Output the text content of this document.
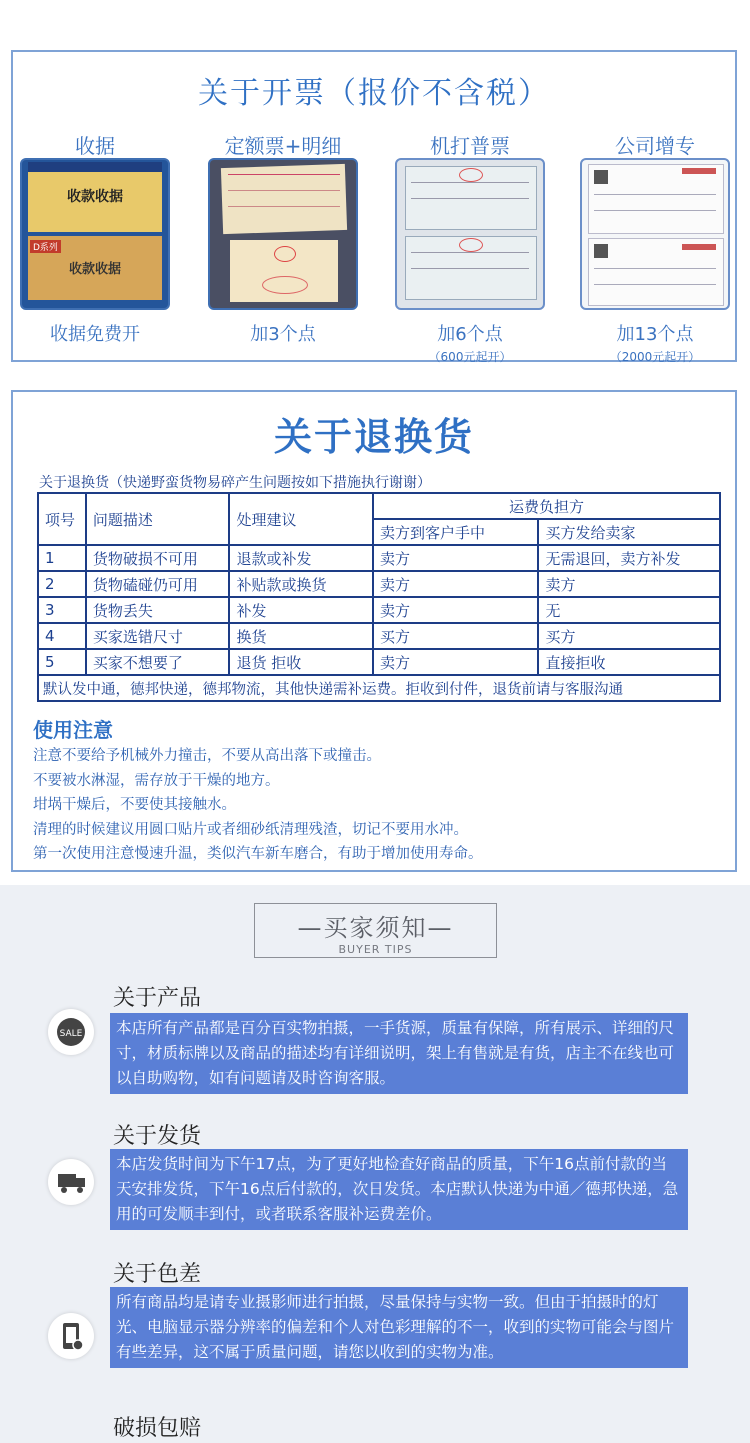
关于开票（报价不含税）
收据
收款收据
D系列
收款收据
收据免费开
定额票+明细
加3个点
机打普票
加6个点
（600元起开）
公司增专
加13个点
（2000元起开）
关于退换货
关于退换货（快递野蛮货物易碎产生问题按如下措施执行谢谢）
项号	问题描述	处理建议	运费负担方	
			卖方到客户手中	买方发给卖家
1	货物破损不可用	退款或补发	卖方	无需退回，卖方补发
2	货物磕碰仍可用	补贴款或换货	卖方	卖方
3	货物丢失	补发	卖方	无
4	买家选错尺寸	换货	买方	买方
5	买家不想要了	退货 拒收	卖方	直接拒收
默认发中通，德邦快递，德邦物流，其他快递需补运费。拒收到付件，退货前请与客服沟通				
使用注意
注意不要给予机械外力撞击，不要从高出落下或撞击。
不要被水淋湿，需存放于干燥的地方。
坩埚干燥后，不要使其接触水。
清理的时候建议用圆口贴片或者细砂纸清理残渣，切记不要用水冲。
第一次使用注意慢速升温，类似汽车新车磨合，有助于增加使用寿命。
—买家须知—
BUYER TIPS
关于产品
SALE	本店所有产品都是百分百实物拍摄，一手货源，质量有保障，所有展示、详细的尺寸，材质标牌以及商品的描述均有详细说明，架上有售就是有货，店主不在线也可以自助购物，如有问题请及时咨询客服。
关于发货
本店发货时间为下午17点，为了更好地检查好商品的质量，下午16点前付款的当天安排发货，下午16点后付款的，次日发货。本店默认快递为中通／德邦快递，急用的可发顺丰到付，或者联系客服补运费差价。
关于色差
所有商品均是请专业摄影师进行拍摄，尽量保持与实物一致。但由于拍摄时的灯光、电脑显示器分辨率的偏差和个人对色彩理解的不一，收到的实物可能会与图片有些差异，这不属于质量问题，请您以收到的实物为准。
破损包赔
